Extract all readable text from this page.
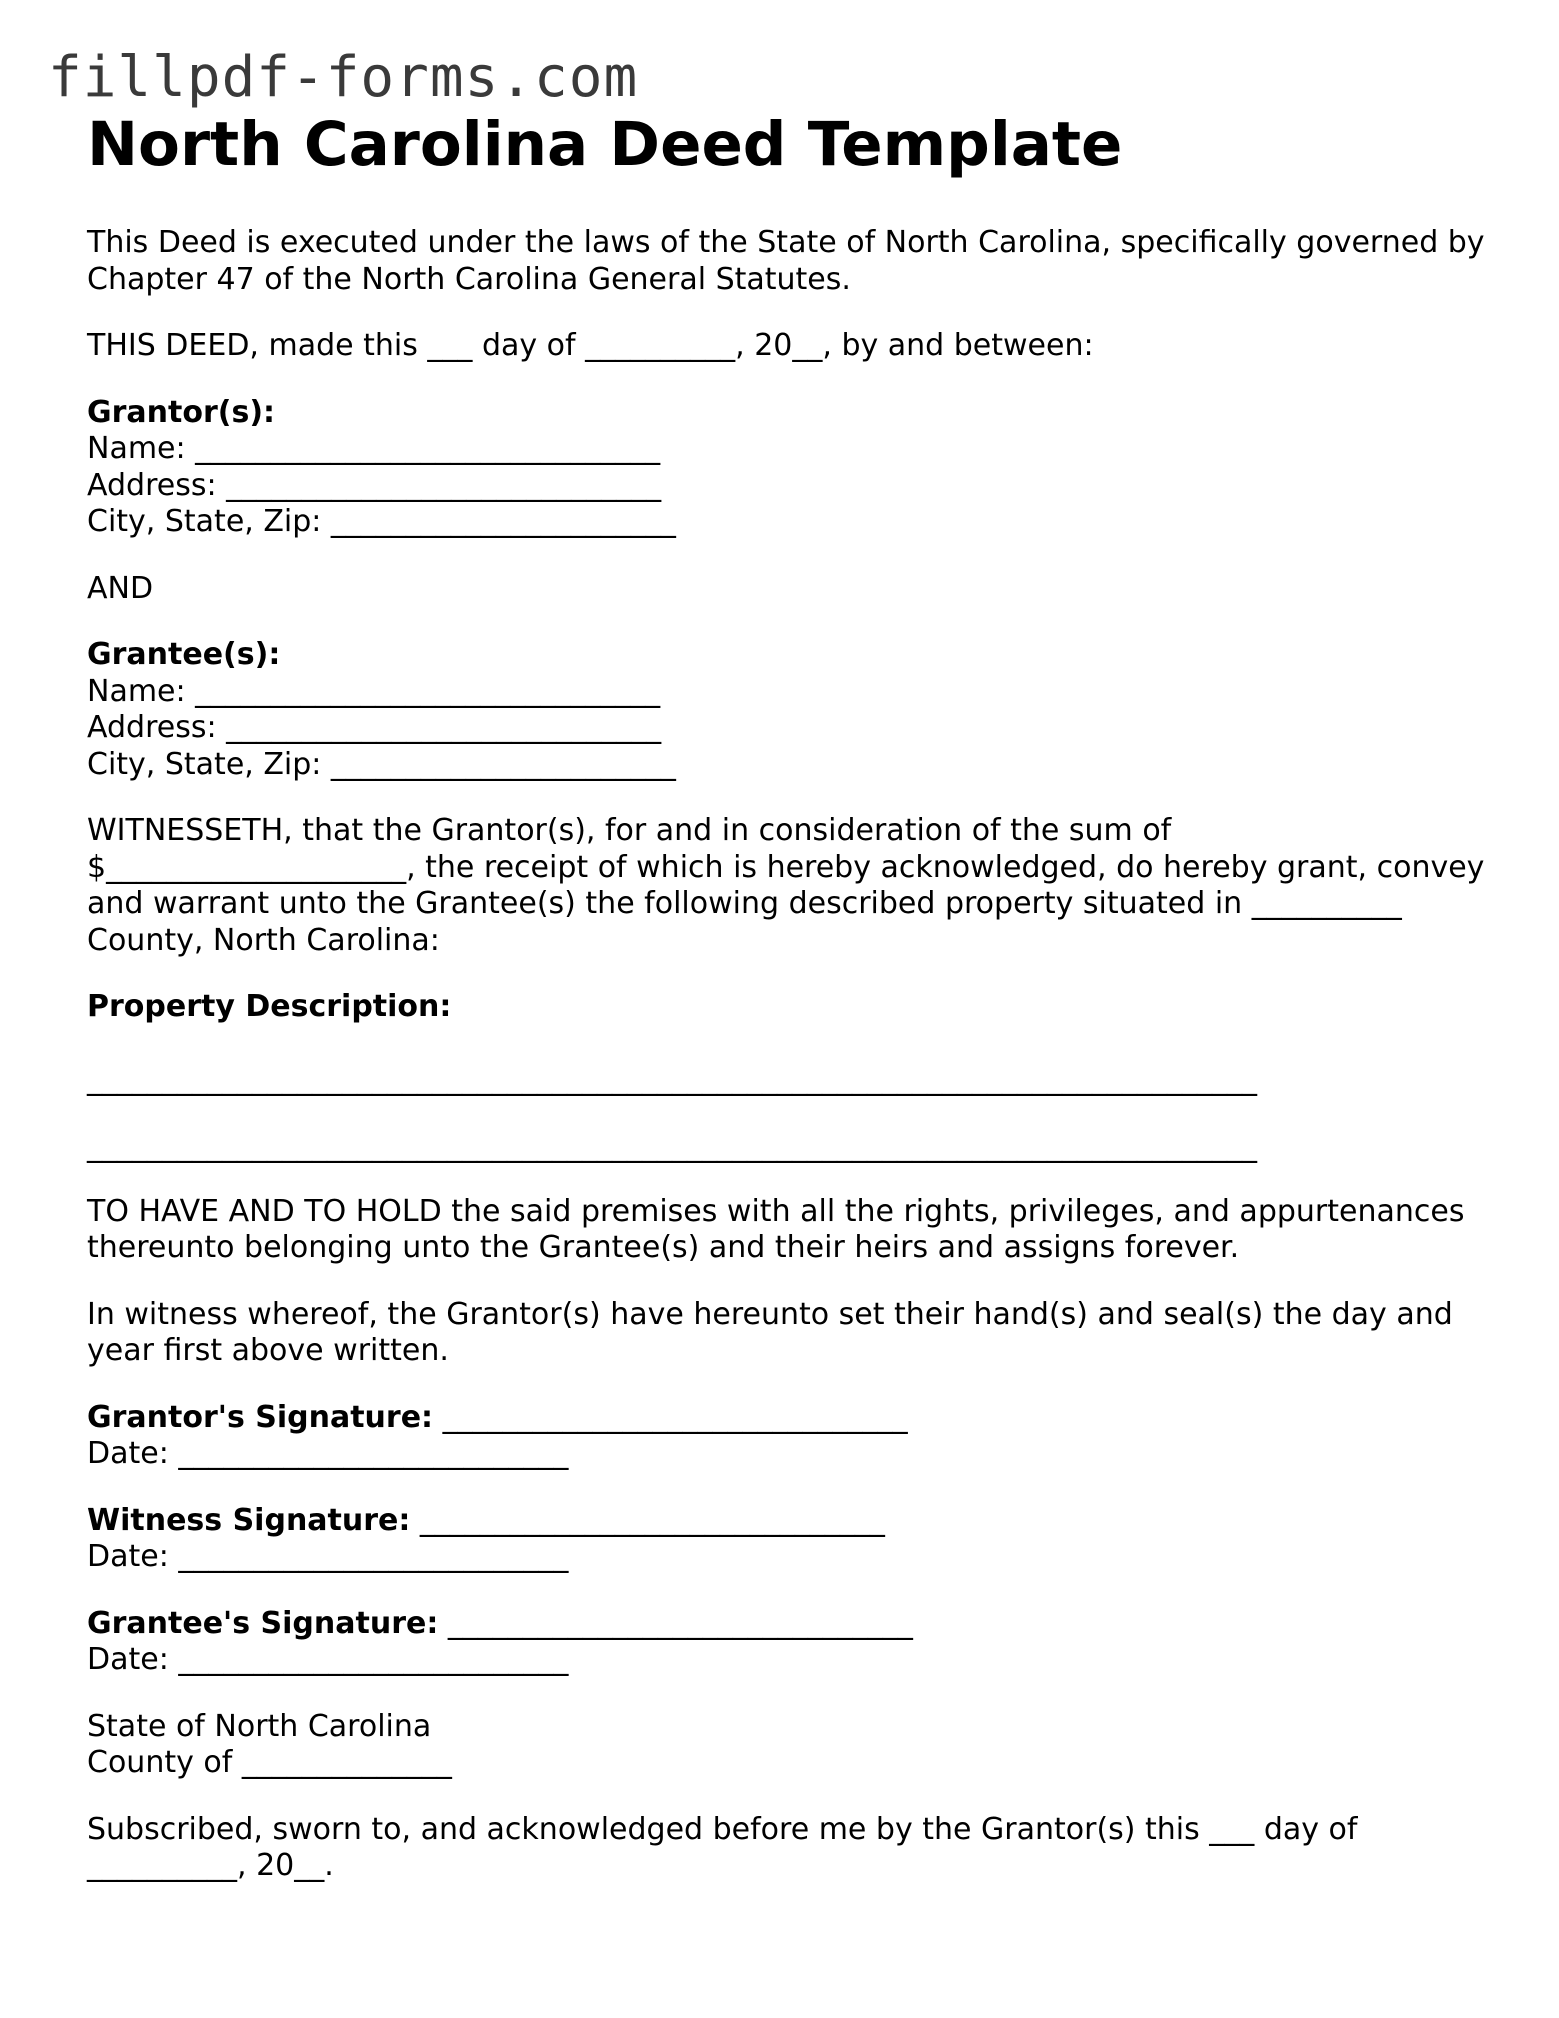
fillpdf-forms.com
North Carolina Deed Template

This Deed is executed under the laws of the State of North Carolina, specifically governed by Chapter 47 of the North Carolina General Statutes.

THIS DEED, made this ___ day of __________, 20__, by and between:

Grantor(s):
Name: _______________________________
Address: _____________________________
City, State, Zip: _______________________

AND

Grantee(s):
Name: _______________________________
Address: _____________________________
City, State, Zip: _______________________

WITNESSETH, that the Grantor(s), for and in consideration of the sum of $____________________, the receipt of which is hereby acknowledged, do hereby grant, convey and warrant unto the Grantee(s) the following described property situated in __________ County, North Carolina:

Property Description:

______________________________________________________________________________
______________________________________________________________________________

TO HAVE AND TO HOLD the said premises with all the rights, privileges, and appurtenances thereunto belonging unto the Grantee(s) and their heirs and assigns forever.

In witness whereof, the Grantor(s) have hereunto set their hand(s) and seal(s) the day and year first above written.

Grantor's Signature: _______________________________
Date: __________________________

Witness Signature: _______________________________
Date: __________________________

Grantee's Signature: _______________________________
Date: __________________________

State of North Carolina
County of ______________

Subscribed, sworn to, and acknowledged before me by the Grantor(s) this ___ day of __________, 20__.
